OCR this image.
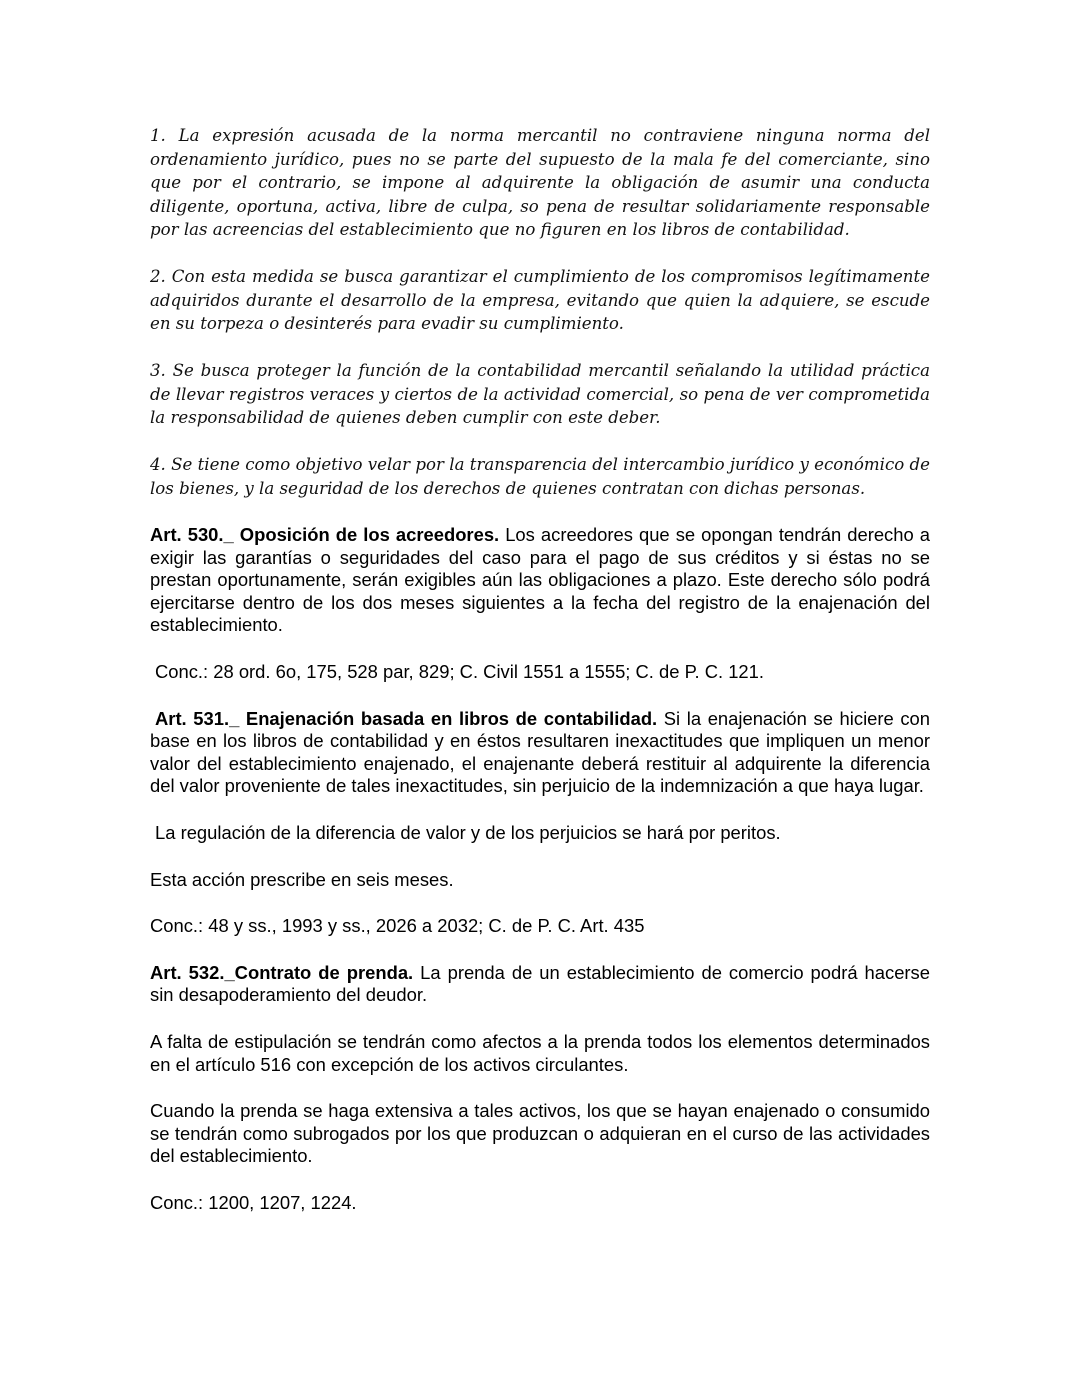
1. La expresión acusada de la norma mercantil no contraviene ninguna norma del ordenamiento jurídico, pues no se parte del supuesto de la mala fe del comerciante, sino que por el contrario, se impone al adquirente la obligación de asumir una conducta diligente, oportuna, activa, libre de culpa, so pena de resultar solidariamente responsable por las acreencias del establecimiento que no figuren en los libros de contabilidad.

2. Con esta medida se busca garantizar el cumplimiento de los compromisos legítimamente adquiridos durante el desarrollo de la empresa, evitando que quien la adquiere, se escude en su torpeza o desinterés para evadir su cumplimiento.

3. Se busca proteger la función de la contabilidad mercantil señalando la utilidad práctica de llevar registros veraces y ciertos de la actividad comercial, so pena de ver comprometida la responsabilidad de quienes deben cumplir con este deber.

4. Se tiene como objetivo velar por la transparencia del intercambio jurídico y económico de los bienes, y la seguridad de los derechos de quienes contratan con dichas personas.

Art. 530._ Oposición de los acreedores. Los acreedores que se opongan tendrán derecho a exigir las garantías o seguridades del caso para el pago de sus créditos y si éstas no se prestan oportunamente, serán exigibles aún las obligaciones a plazo. Este derecho sólo podrá ejercitarse dentro de los dos meses siguientes a la fecha del registro de la enajenación del establecimiento.

Conc.: 28 ord. 6o, 175, 528 par, 829; C. Civil 1551 a 1555; C. de P. C. 121.

Art. 531._ Enajenación basada en libros de contabilidad. Si la enajenación se hiciere con base en los libros de contabilidad y en éstos resultaren inexactitudes que impliquen un menor valor del establecimiento enajenado, el enajenante deberá restituir al adquirente la diferencia del valor proveniente de tales inexactitudes, sin perjuicio de la indemnización a que haya lugar.

La regulación de la diferencia de valor y de los perjuicios se hará por peritos.

Esta acción prescribe en seis meses.

Conc.: 48 y ss., 1993 y ss., 2026 a 2032; C. de P. C. Art. 435

Art. 532._Contrato de prenda. La prenda de un establecimiento de comercio podrá hacerse sin desapoderamiento del deudor.

A falta de estipulación se tendrán como afectos a la prenda todos los elementos determinados en el artículo 516 con excepción de los activos circulantes.

Cuando la prenda se haga extensiva a tales activos, los que se hayan enajenado o consumido se tendrán como subrogados por los que produzcan o adquieran en el curso de las actividades del establecimiento.

Conc.: 1200, 1207, 1224.
